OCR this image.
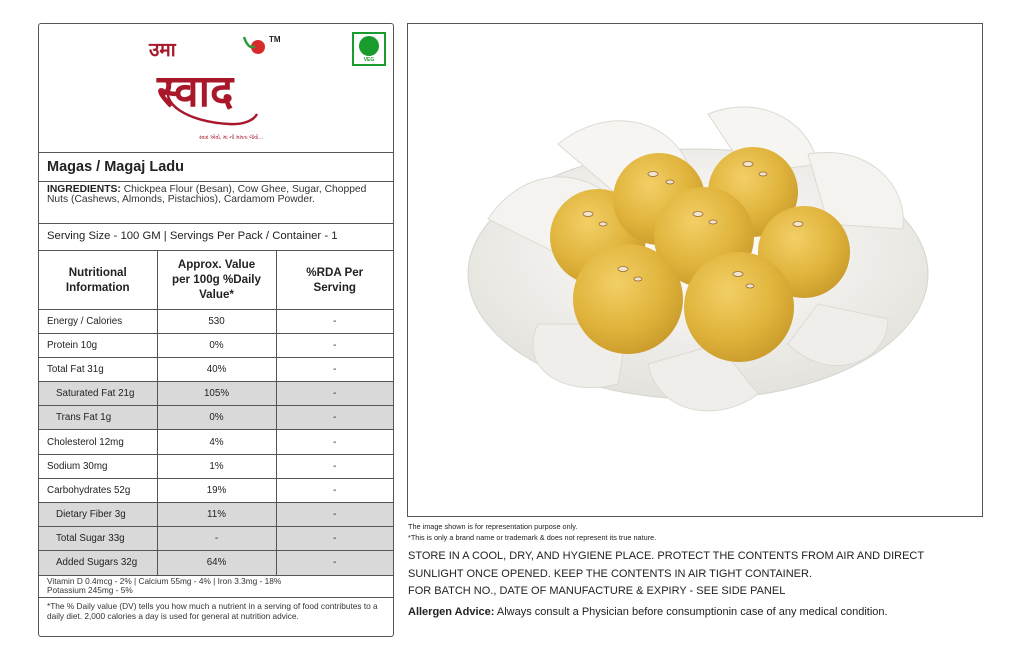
उमा
स्वाद
TM
સ્વાદ એવો, માં ની મમતા જેવો...
VEG
Magas / Magaj Ladu
INGREDIENTS: Chickpea Flour (Besan), Cow Ghee, Sugar, Chopped Nuts (Cashews, Almonds, Pistachios), Cardamom Powder.
Serving Size - 100 GM | Servings Per Pack / Container - 1
Nutritional Information	Approx. Value per 100g %Daily Value*	%RDA Per Serving
Energy / Calories	530	-
Protein 10g	0%	-
Total Fat 31g	40%	-
Saturated Fat 21g	105%	-
Trans Fat 1g	0%	-
Cholesterol 12mg	4%	-
Sodium 30mg	1%	-
Carbohydrates 52g	19%	-
Dietary Fiber 3g	11%	-
Total Sugar 33g	-	-
Added Sugars 32g	64%	-
Vitamin D 0.4mcg - 2% | Calcium 55mg - 4% | Iron 3.3mg - 18%
Potassium 245mg - 5%
*The % Daily value (DV) tells you how much a nutrient in a serving of food contributes to a daily diet. 2,000 calories a day is used for general at nutrition advice.
The image shown is for representation purpose only.
*This is only a brand name or trademark & does not represent its true nature.
STORE IN A COOL, DRY, AND HYGIENE PLACE. PROTECT THE CONTENTS FROM AIR AND DIRECT SUNLIGHT ONCE OPENED. KEEP THE CONTENTS IN AIR TIGHT CONTAINER.
FOR BATCH NO., DATE OF MANUFACTURE & EXPIRY - SEE SIDE PANEL
Allergen Advice: Always consult a Physician before consumptionin case of any medical condition.
